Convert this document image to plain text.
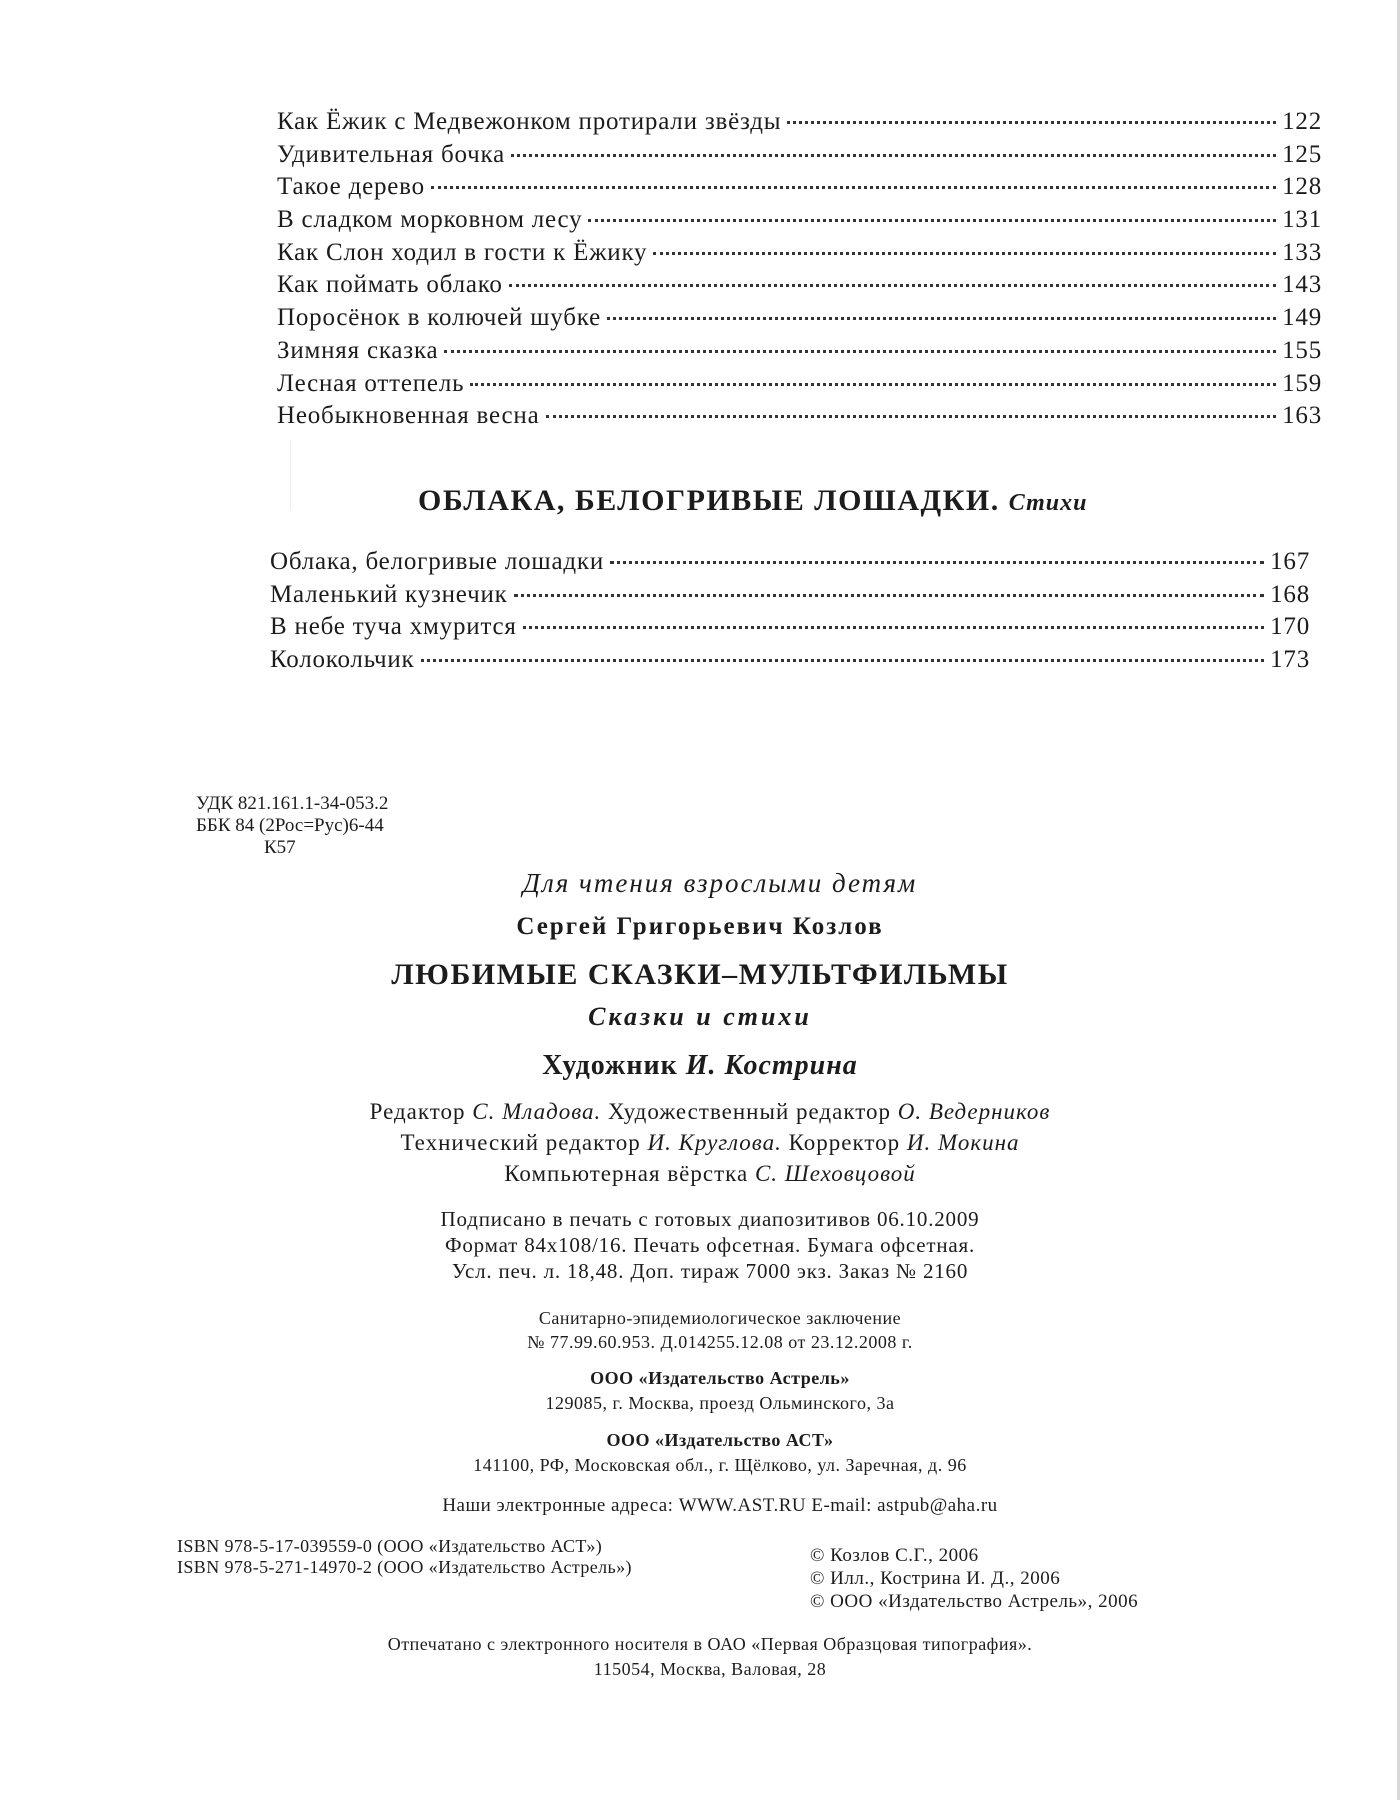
Как Ёжик с Медвежонком протирали звёзды	122
Удивительная бочка	125
Такое дерево	128
В сладком морковном лесу	131
Как Слон ходил в гости к Ёжику	133
Как поймать облако	143
Поросёнок в колючей шубке	149
Зимняя сказка	155
Лесная оттепель	159
Необыкновенная весна	163
ОБЛАКА, БЕЛОГРИВЫЕ ЛОШАДКИ. Стихи
Облака, белогривые лошадки	167
Маленький кузнечик	168
В небе туча хмурится	170
Колокольчик	173
УДК 821.161.1-34-053.2
ББК 84 (2Рос=Рус)6-44
К57
Для чтения взрослыми детям
Сергей Григорьевич Козлов
ЛЮБИМЫЕ СКАЗКИ–МУЛЬТФИЛЬМЫ
Сказки и стихи
Художник И. Кострина
Редактор С. Младова. Художественный редактор О. Ведерников
Технический редактор И. Круглова. Корректор И. Мокина
Компьютерная вёрстка С. Шеховцовой
Подписано в печать с готовых диапозитивов 06.10.2009
Формат 84x108/16. Печать офсетная. Бумага офсетная.
Усл. печ. л. 18,48. Доп. тираж 7000 экз. Заказ № 2160
Санитарно-эпидемиологическое заключение
№ 77.99.60.953. Д.014255.12.08 от 23.12.2008 г.
ООО «Издательство Астрель»
129085, г. Москва, проезд Ольминского, 3а
ООО «Издательство АСТ»
141100, РФ, Московская обл., г. Щёлково, ул. Заречная, д. 96
Наши электронные адреса: WWW.AST.RU E-mail: astpub@aha.ru
ISBN 978-5-17-039559-0 (ООО «Издательство АСТ»)
ISBN 978-5-271-14970-2 (ООО «Издательство Астрель»)
© Козлов С.Г., 2006
© Илл., Кострина И. Д., 2006
© ООО «Издательство Астрель», 2006
Отпечатано с электронного носителя в ОАО «Первая Образцовая типография».
115054, Москва, Валовая, 28
